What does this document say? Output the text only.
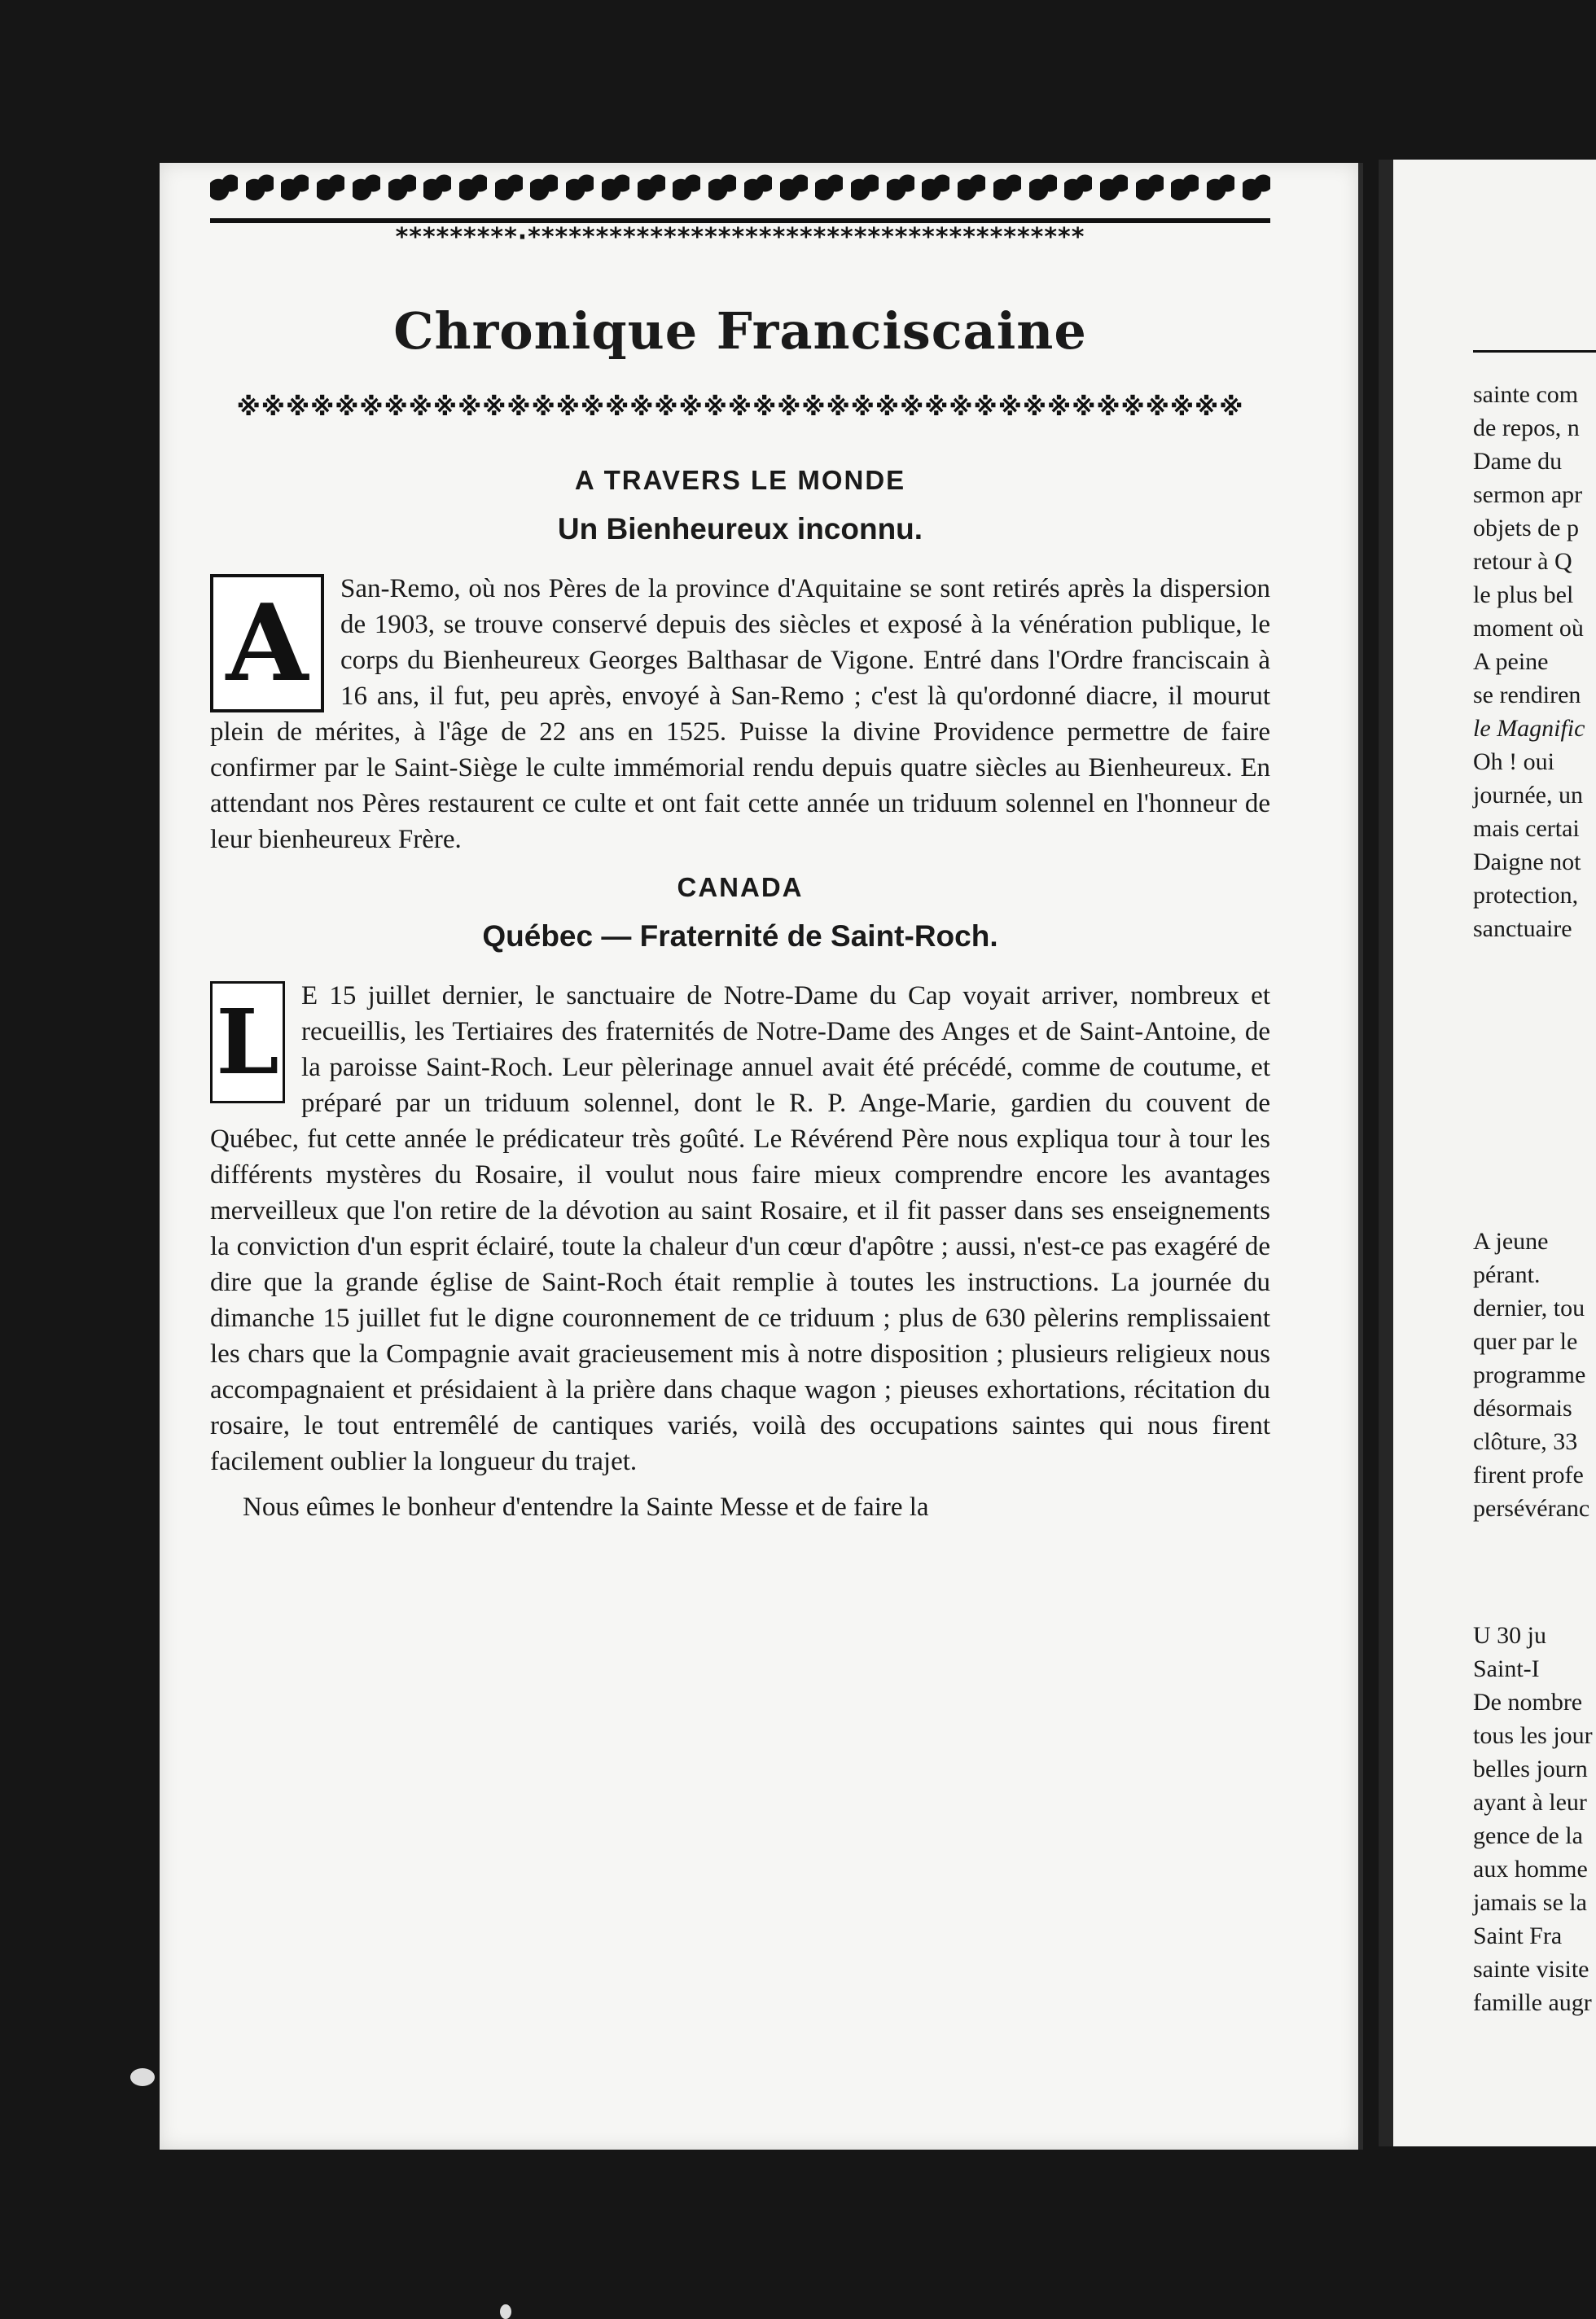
*********·*****************************************
Chronique Franciscaine
※※※※※※※※※※※※※※※※※※※※※※※※※※※※※※※※※※※※※※※※※
A TRAVERS LE MONDE
Un Bienheureux inconnu.
A	San-Remo, où nos Pères de la province d'Aquitaine se sont retirés après la dispersion de 1903, se trouve conservé depuis des siècles et exposé à la vénération publique, le corps du Bienheureux Georges Balthasar de Vigone. Entré dans l'Ordre franciscain à 16 ans, il fut, peu après, envoyé à San-Remo ; c'est là qu'ordonné diacre, il mourut plein de mérites, à l'âge de 22 ans en 1525. Puisse la divine Providence permettre de faire confirmer par le Saint-Siège le culte immémorial rendu depuis quatre siècles au Bienheureux. En attendant nos Pères restaurent ce culte et ont fait cette année un triduum solennel en l'honneur de leur bienheureux Frère.
CANADA
Québec — Fraternité de Saint-Roch.
L E 15 juillet dernier, le sanctuaire de Notre-Dame du Cap voyait arriver, nombreux et recueillis, les Tertiaires des fraternités de Notre-Dame des Anges et de Saint-Antoine, de la paroisse Saint-Roch. Leur pèlerinage annuel avait été précédé, comme de coutume, et préparé par un triduum solennel, dont le R. P. Ange-Marie, gardien du couvent de Québec, fut cette année le prédicateur très goûté. Le Révérend Père nous expliqua tour à tour les différents mystères du Rosaire, il voulut nous faire mieux comprendre encore les avantages merveilleux que l'on retire de la dévotion au saint Rosaire, et il fit passer dans ses enseignements la conviction d'un esprit éclairé, toute la chaleur d'un cœur d'apôtre ; aussi, n'est-ce pas exagéré de dire que la grande église de Saint-Roch était remplie à toutes les instructions. La journée du dimanche 15 juillet fut le digne couronnement de ce triduum ; plus de 630 pèlerins remplissaient les chars que la Compagnie avait gracieusement mis à notre disposition ; plusieurs religieux nous accompagnaient et présidaient à la prière dans chaque wagon ; pieuses exhortations, récitation du rosaire, le tout entremêlé de cantiques variés, voilà des occupations saintes qui nous firent facilement oublier la longueur du trajet.
Nous eûmes le bonheur d'entendre la Sainte Messe et de faire la
sainte com
de repos, n
Dame du
sermon apr
objets de p
retour à Q
le plus bel
moment où
A peine
se rendiren
le Magnific
Oh ! oui
journée, un
mais certai
Daigne not
protection,
sanctuaire
A jeune
pérant.
dernier, tou
quer par le
programme
désormais
clôture, 33
firent profe
persévéranc
U 30 ju
Saint-I
De nombre
tous les jour
belles journ
ayant à leur
gence de la
aux homme
jamais se la
Saint Fra
sainte visite
famille augr
